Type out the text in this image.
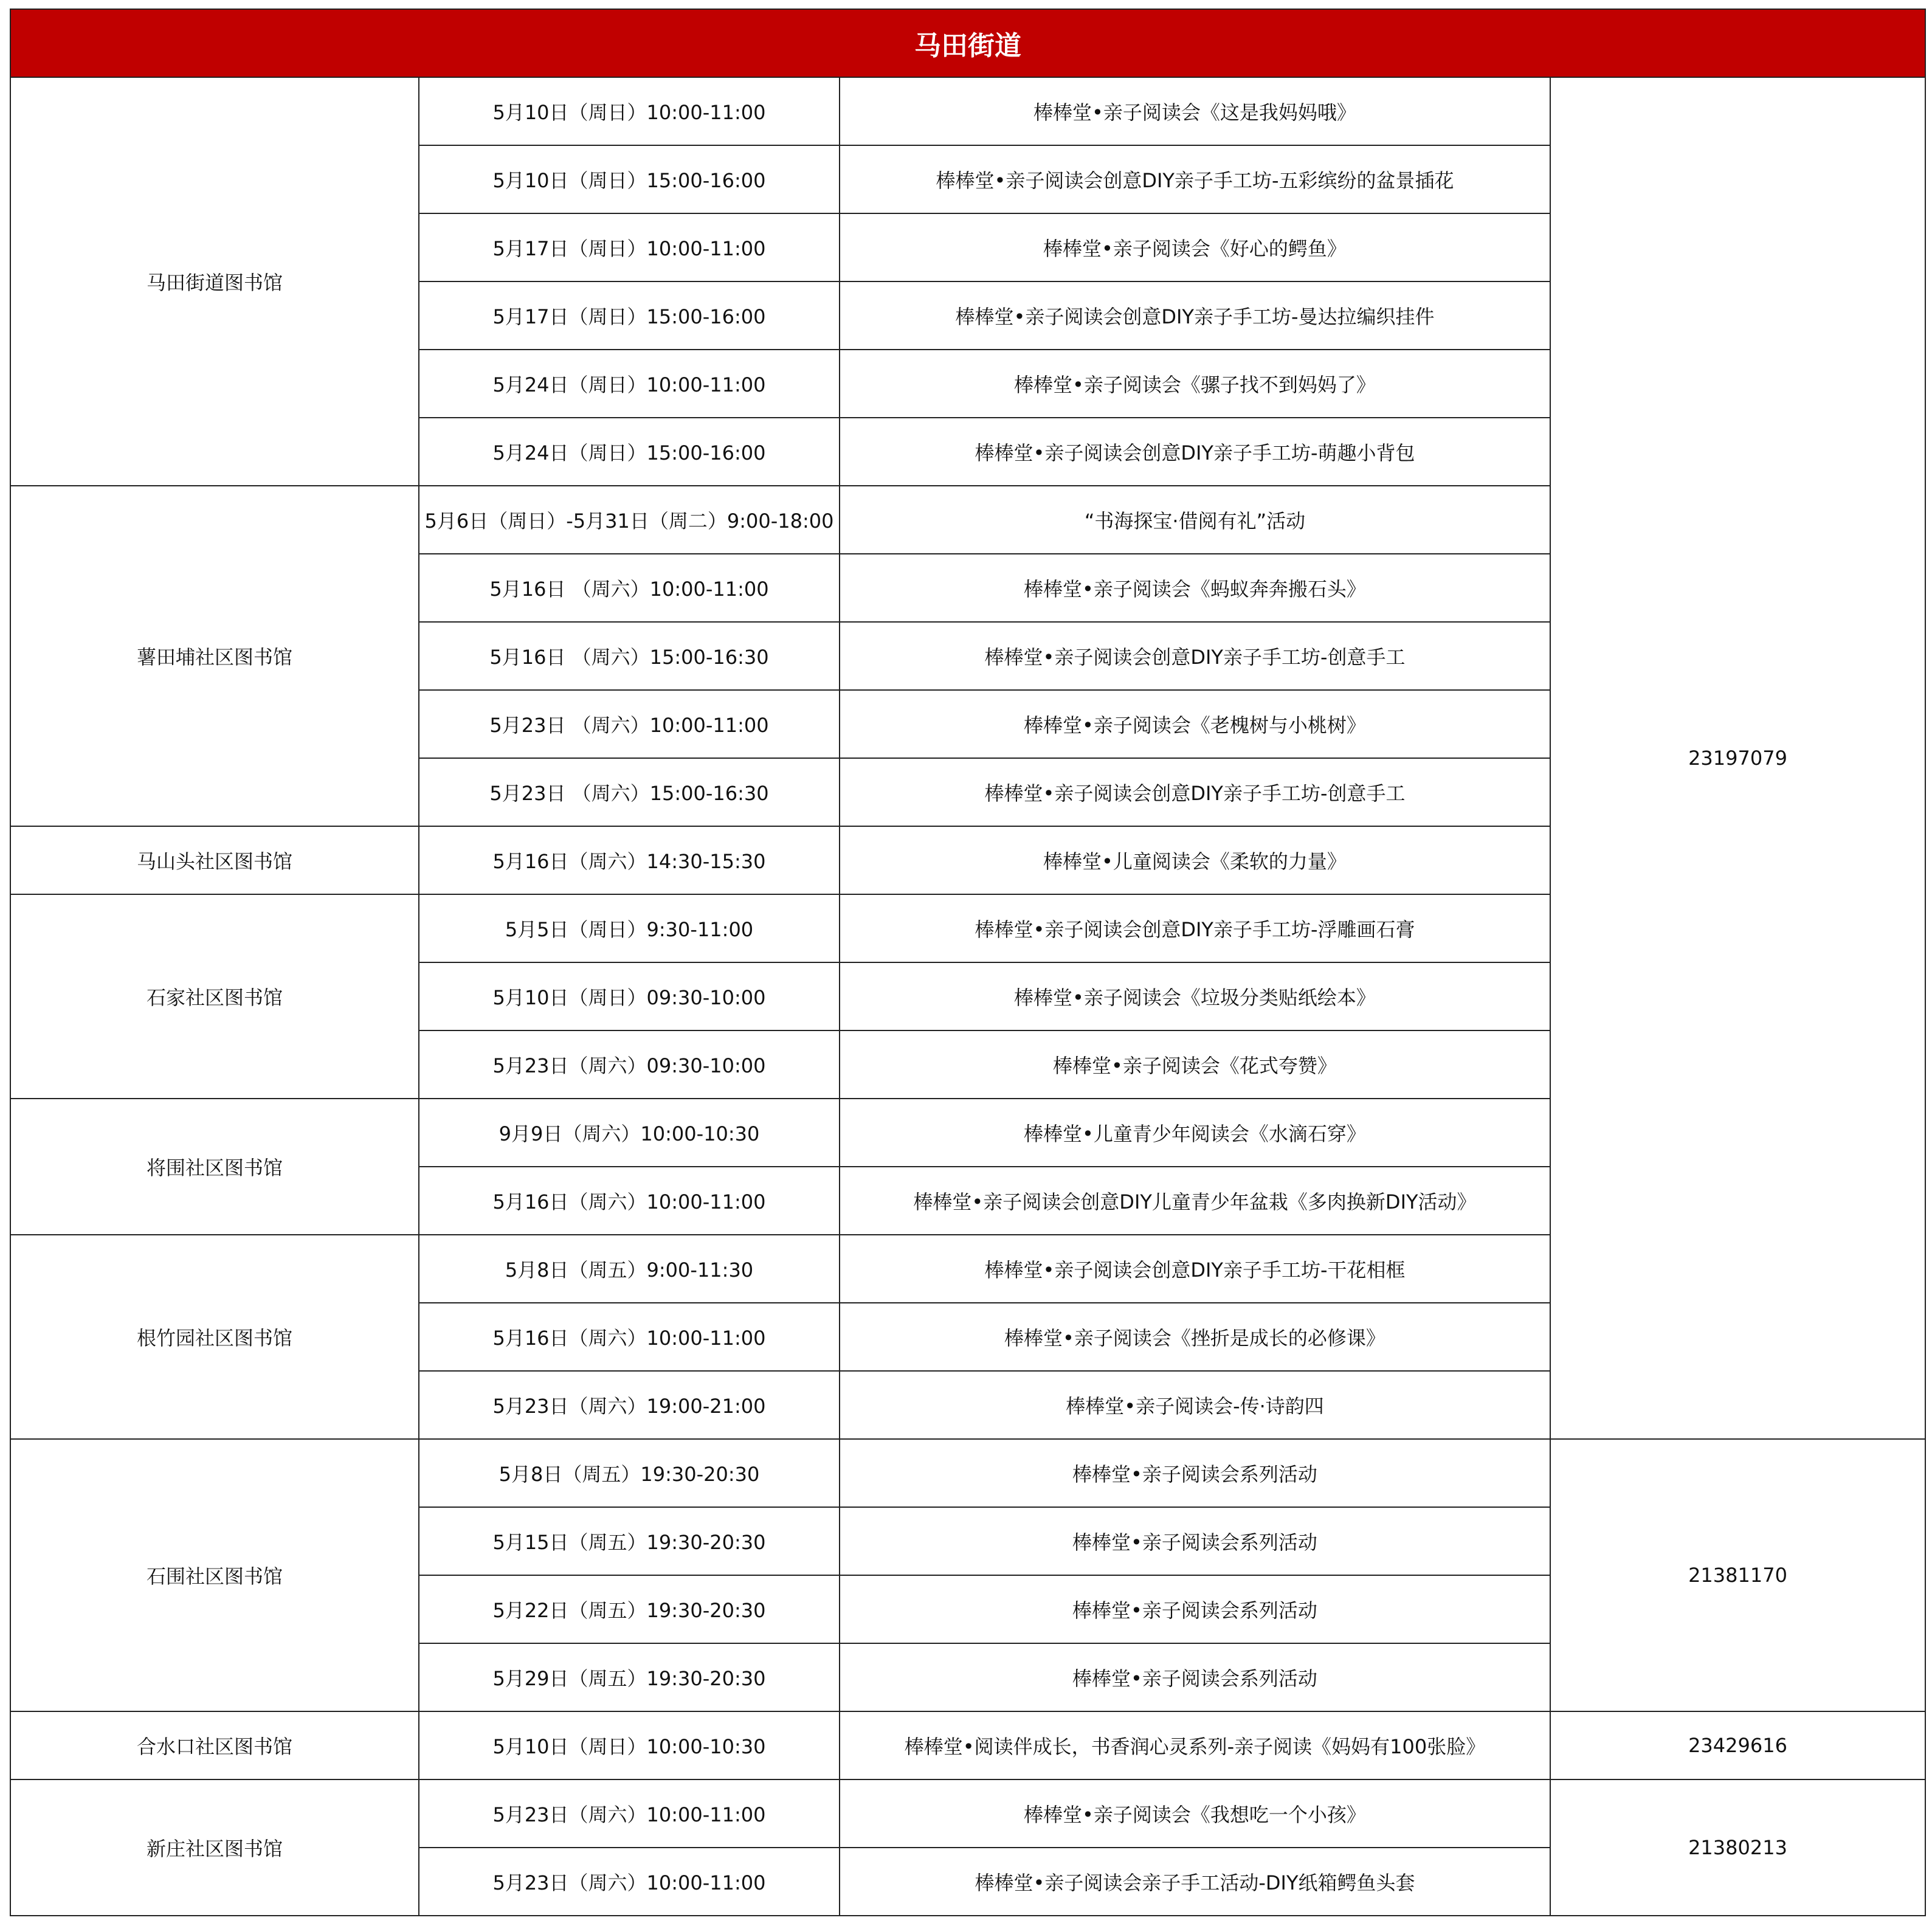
马田街道			
马田街道图书馆	5月10日（周日）10:00-11:00	棒棒堂•亲子阅读会《这是我妈妈哦》	23197079
	5月10日（周日）15:00-16:00	棒棒堂•亲子阅读会创意DIY亲子手工坊-五彩缤纷的盆景插花	
	5月17日（周日）10:00-11:00	棒棒堂•亲子阅读会《好心的鳄鱼》	
	5月17日（周日）15:00-16:00	棒棒堂•亲子阅读会创意DIY亲子手工坊-曼达拉编织挂件	
	5月24日（周日）10:00-11:00	棒棒堂•亲子阅读会《骡子找不到妈妈了》	
	5月24日（周日）15:00-16:00	棒棒堂•亲子阅读会创意DIY亲子手工坊-萌趣小背包	
薯田埔社区图书馆	5月6日（周日）-5月31日（周二）9:00-18:00	“书海探宝·借阅有礼”活动	
	5月16日 （周六）10:00-11:00	棒棒堂•亲子阅读会《蚂蚁奔奔搬石头》	
	5月16日 （周六）15:00-16:30	棒棒堂•亲子阅读会创意DIY亲子手工坊-创意手工	
	5月23日 （周六）10:00-11:00	棒棒堂•亲子阅读会《老槐树与小桃树》	
	5月23日 （周六）15:00-16:30	棒棒堂•亲子阅读会创意DIY亲子手工坊-创意手工	
马山头社区图书馆	5月16日（周六）14:30-15:30	棒棒堂•儿童阅读会《柔软的力量》	
石家社区图书馆	5月5日（周日）9:30-11:00	棒棒堂•亲子阅读会创意DIY亲子手工坊-浮雕画石膏	
	5月10日（周日）09:30-10:00	棒棒堂•亲子阅读会《垃圾分类贴纸绘本》	
	5月23日（周六）09:30-10:00	棒棒堂•亲子阅读会《花式夸赞》	
将围社区图书馆	9月9日（周六）10:00-10:30	棒棒堂•儿童青少年阅读会《水滴石穿》	
	5月16日（周六）10:00-11:00	棒棒堂•亲子阅读会创意DIY儿童青少年盆栽《多肉换新DIY活动》	
根竹园社区图书馆	5月8日（周五）9:00-11:30	棒棒堂•亲子阅读会创意DIY亲子手工坊-干花相框	
	5月16日（周六）10:00-11:00	棒棒堂•亲子阅读会《挫折是成长的必修课》	
	5月23日（周六）19:00-21:00	棒棒堂•亲子阅读会-传·诗韵四	
石围社区图书馆	5月8日（周五）19:30-20:30	棒棒堂•亲子阅读会系列活动	21381170
	5月15日（周五）19:30-20:30	棒棒堂•亲子阅读会系列活动	
	5月22日（周五）19:30-20:30	棒棒堂•亲子阅读会系列活动	
	5月29日（周五）19:30-20:30	棒棒堂•亲子阅读会系列活动	
合水口社区图书馆	5月10日（周日）10:00-10:30	棒棒堂•阅读伴成长，书香润心灵系列-亲子阅读《妈妈有100张脸》	23429616
新庄社区图书馆	5月23日（周六）10:00-11:00	棒棒堂•亲子阅读会《我想吃一个小孩》	21380213
	5月23日（周六）10:00-11:00	棒棒堂•亲子阅读会亲子手工活动-DIY纸箱鳄鱼头套	
